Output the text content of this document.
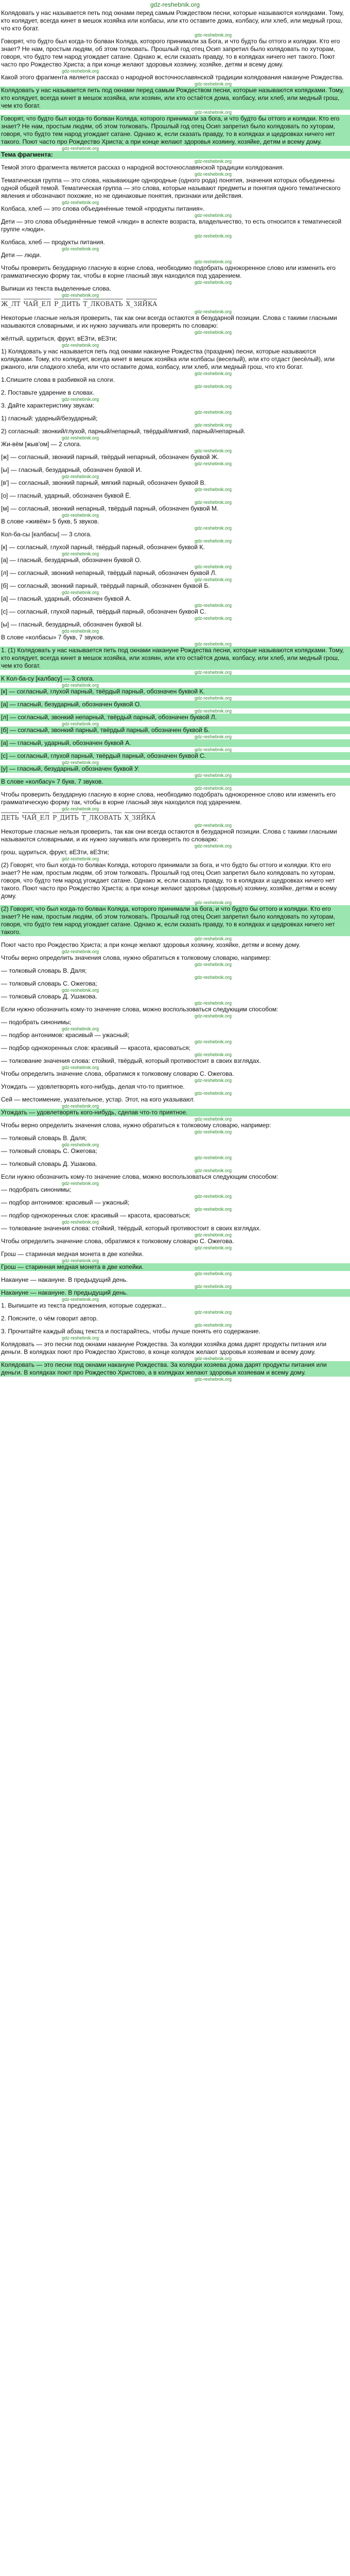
gdz-reshebnik.org

Колядовать у нас называется петь под окнами перед самым Рождеством песни, которые называются колядками. Тому, кто колядует, всегда кинет в мешок хозяйка или колбасы, или кто оставите дома, колбасу, или хлеб, или медный грош, что кто богат.

gdz-reshebnik.org

Говорят, что будто был когда-то болван Коляда, которого принимали за Бога, и что будто бы оттого и колядки. Кто его знает? Не нам, простым людям, об этом толковать. Прошлый год отец Осип запретил было колядовать по хуторам, говоря, что будто тем народ угождает сатане. Однако ж, если сказать правду, то в колядках ничего нет такого. Поют часто про Рождество Христа; а при конце желают здоровья хозяину, хозяйке, детям и всему дому.

gdz-reshebnik.org

Какой этого фрагмента является рассказ о народной восточнославянской традиции колядования накануне Рождества.

gdz-reshebnik.org

Колядовать у нас называется петь под окнами перед самым Рождеством песни, которые называются колядками. Тому, кто колядует, всегда кинет в мешок хозяйка, или хозяин, или кто остаётся дома, колбасу, или хлеб, или медный грош, чем кто богат.

gdz-reshebnik.org

Говорят, что будто был когда-то болван Коляда, которого принимали за бога, и что будто бы оттого и колядки. Кто его знает? Не нам, простым людям, об этом толковать. Прошлый год отец Осип запретил было колядовать по хуторам, говоря, что будто тем народ угождает сатане. Однако ж, если сказать правду, то в колядках и щедровках ничего нет такого. Поют часто про Рождество Христа; а при конце желают здоровья хозяину, хозяйке, детям и всему дому.

gdz-reshebnik.org

Тема фрагмента:

gdz-reshebnik.org

Темой этого фрагмента является рассказ о народной восточнославянской традиции колядования.

gdz-reshebnik.org

Тематическая группа — это слова, называющие однородные (одного рода) понятия, значения которых объединены одной общей темой. Тематическая группа — это слова, которые называют предметы и понятия одного тематического явления и обозначают похожие, но не одинаковые понятия, признаки или действия.

gdz-reshebnik.org

Колбаса, хлеб — это слова объединённые темой «продукты питания».

gdz-reshebnik.org

Дети — это слова объединённые темой «люди» в аспекте возраста, владельчество, то есть относится к тематической группе «люди».

gdz-reshebnik.org

Колбаса, хлеб — продукты питания.

gdz-reshebnik.org

Дети — люди.

gdz-reshebnik.org

Чтобы проверить безударную гласную в корне слова, необходимо подобрать однокоренное слово или изменить его грамматическую форму так, чтобы в корне гласный звук находился под ударением.

gdz-reshebnik.org

Выпиши из текста выделенные слова.

gdz-reshebnik.org
Ж_ЛТ ЧАЙ_ЕЛ Р_ДИТЬ Т_ЛКОВАТЬ Х_ЗЯЙКА
gdz-reshebnik.org

Некоторые гласные нельзя проверить, так как они всегда остаются в безударной позиции. Слова с такими гласными называются словарными, и их нужно заучивать или проверять по словарю:

gdz-reshebnik.org

жёлтый, щуриться, фрукт, вЕЗти, вЕЗти;

gdz-reshebnik.org

1) Колядовать у нас называется петь под окнами накануне Рождества (праздник) песни, которые называются колядками. Тому, кто колядует, всегда кинет в мешок хозяйка или колбасы (веселый), или кто отдаст (весёлый), или ржаного, или сладкого хлеба, или что оставите дома, колбасу, или хлеб, или медный грош, что кто богат.

gdz-reshebnik.org

1.Спишите слова в разбивкой на слоги.

gdz-reshebnik.org

2. Поставьте ударение в словах.

gdz-reshebnik.org

3. Дайте характеристику звукам:

gdz-reshebnik.org

1) гласный: ударный/безударный;

gdz-reshebnik.org

2) согласный: звонкий/глухой, парный/непарный, твёрдый/мягкий, парный/непарный.

gdz-reshebnik.org

Жи-вём [жыв'ом] — 2 слога.

gdz-reshebnik.org

[ж] — согласный, звонкий парный, твёрдый непарный, обозначен буквой Ж.

gdz-reshebnik.org

[ы] — гласный, безударный, обозначен буквой И.

gdz-reshebnik.org

[в'] — согласный, звонкий парный, мягкий парный, обозначен буквой В.

gdz-reshebnik.org

[о] — гласный, ударный, обозначен буквой Ё.

gdz-reshebnik.org

[м] — согласный, звонкий непарный, твёрдый парный, обозначен буквой М.

gdz-reshebnik.org

В слове «живём» 5 букв, 5 звуков.

gdz-reshebnik.org

Кол-ба-сы [калбасы] — 3 слога.

gdz-reshebnik.org

[к] — согласный, глухой парный, твёрдый парный, обозначен буквой К.

gdz-reshebnik.org

[а] — гласный, безударный, обозначен буквой О.

gdz-reshebnik.org

[л] — согласный, звонкий непарный, твёрдый парный, обозначен буквой Л.

gdz-reshebnik.org

[б] — согласный, звонкий парный, твёрдый парный, обозначен буквой Б.

gdz-reshebnik.org

[а] — гласный, ударный, обозначен буквой А.

gdz-reshebnik.org

[с] — согласный, глухой парный, твёрдый парный, обозначен буквой С.

gdz-reshebnik.org

[ы] — гласный, безударный, обозначен буквой Ы.

gdz-reshebnik.org

В слове «колбасы» 7 букв, 7 звуков.

gdz-reshebnik.org

1. (1) Колядовать у нас называется петь под окнами накануне Рождества песни, которые называются колядками. Тому, кто колядует, всегда кинет в мешок хозяйка, или хозяин, или кто остаётся дома, колбасу, или хлеб, или медный грош, чем кто богат.

gdz-reshebnik.org

К Кол-ба-су [калбасу] — 3 слога.

gdz-reshebnik.org

[к] — согласный, глухой парный, твёрдый парный, обозначен буквой К.

gdz-reshebnik.org

[а] — гласный, безударный, обозначен буквой О.

gdz-reshebnik.org

[л] — согласный, звонкий непарный, твёрдый парный, обозначен буквой Л.

gdz-reshebnik.org

[б] — согласный, звонкий парный, твёрдый парный, обозначен буквой Б.

gdz-reshebnik.org

[а] — гласный, ударный, обозначен буквой А.

gdz-reshebnik.org

[с] — согласный, глухой парный, твёрдый парный, обозначен буквой С.

gdz-reshebnik.org

[у] — гласный, безударный, обозначен буквой У.

gdz-reshebnik.org

В слове «колбасу» 7 букв, 7 звуков.

gdz-reshebnik.org

Чтобы проверить безударную гласную в корне слова, необходимо подобрать однокоренное слово или изменить его грамматическую форму так, чтобы в корне гласный звук находился под ударением.

gdz-reshebnik.org
ДЕТЬ ЧАЙ_ЕЛ Р_ДИТЬ Т_ЛКОВАТЬ Х_ЗЯЙКА
gdz-reshebnik.org

Некоторые гласные нельзя проверить, так как они всегда остаются в безударной позиции. Слова с такими гласными называются словарными, и их нужно заучивать или проверять по словарю:

gdz-reshebnik.org

грош, щуриться, фрукт, вЕЗти, вЕЗти;

gdz-reshebnik.org

(2) Говорят, что был когда-то болван Коляда, которого принимали за бога, и что будто бы оттого и колядки. Кто его знает? Не нам, простым людям, об этом толковать. Прошлый год отец Осип запретил было колядовать по хуторам, говоря, что будто тем народ угождает сатане. Однако ж, если сказать правду, то в колядках и щедровках ничего нет такого. Поют часто про Рождество Христа; а при конце желают здоровья (здоровья) хозяину, хозяйке, детям и всему дому.

gdz-reshebnik.org

(2) Говорят, что был когда-то болван Коляда, которого принимали за бога, и что будто бы оттого и колядки. Кто его знает? Не нам, простым людям, об этом толковать. Прошлый год отец Осип запретил было колядовать по хуторам, говоря, что будто тем народ угождает сатане. Однако ж, если сказать правду, то в колядках и щедровках ничего нет такого.

gdz-reshebnik.org

Поют часто про Рождество Христа; а при конце желают здоровья хозяину, хозяйке, детям и всему дому.

gdz-reshebnik.org

Чтобы верно определить значения слова, нужно обратиться к толковому словарю, например:

gdz-reshebnik.org

— толковый словарь В. Даля;

gdz-reshebnik.org

— толковый словарь С. Ожегова;

gdz-reshebnik.org

— толковый словарь Д. Ушакова.

gdz-reshebnik.org

Если нужно обозначить кому-то значение слова, можно воспользоваться следующим способом:

gdz-reshebnik.org

— подобрать синонимы;

gdz-reshebnik.org

— подбор антонимов: красивый — ужасный;

gdz-reshebnik.org

— подбор однокоренных слов: красивый — красота, красоваться;

gdz-reshebnik.org

— толкование значения слова: стойкий, твёрдый, который противостоит в своих взглядах.

gdz-reshebnik.org

Чтобы определить значение слова, обратимся к толковому словарю С. Ожегова.

gdz-reshebnik.org

Угождать — удовлетворять кого-нибудь, делая что-то приятное.

gdz-reshebnik.org

Сей — местоимение, указательное, устар. Этот, на кого указывают.

gdz-reshebnik.org

Угождать — удовлетворять кого-нибудь, сделав что-то приятное.

gdz-reshebnik.org

Чтобы верно определить значения слова, нужно обратиться к толковому словарю, например:

gdz-reshebnik.org

— толковый словарь В. Даля;

gdz-reshebnik.org

— толковый словарь С. Ожегова;

gdz-reshebnik.org

— толковый словарь Д. Ушакова.

gdz-reshebnik.org

Если нужно обозначить кому-то значение слова, можно воспользоваться следующим способом:

gdz-reshebnik.org

— подобрать синонимы;

gdz-reshebnik.org

— подбор антонимов: красивый — ужасный;

gdz-reshebnik.org

— подбор однокоренных слов: красивый — красота, красоваться;

gdz-reshebnik.org

— толкование значения слова: стойкий, твёрдый, который противостоит в своих взглядах.

gdz-reshebnik.org

Чтобы определить значение слова, обратимся к толковому словарю С. Ожегова.

gdz-reshebnik.org

Грош — старинная медная монета в две копейки.

gdz-reshebnik.org

Грош — старинная медная монета в две копейки.

gdz-reshebnik.org

Накануне — накануне. В предыдущий день.

gdz-reshebnik.org

Накануне — накануне. В предыдущий день.

gdz-reshebnik.org

1. Выпишите из текста предложения, которые содержат...

gdz-reshebnik.org

2. Поясните, о чём говорит автор.

gdz-reshebnik.org

3. Прочитайте каждый абзац текста и постарайтесь, чтобы лучше понять его содержание.

gdz-reshebnik.org

Колядовать — это песни под окнами накануне Рождества. За колядки хозяйка дома дарят продукты питания или деньги. В колядках поют про Рождество Христово, в конце колядок желают здоровья хозяевам и всему дому.

gdz-reshebnik.org

Колядовать — это песни под окнами накануне Рождества. За колядки хозяева дома дарят продукты питания или деньги. В колядках поют про Рождество Христово, а в колядках желают здоровья хозяевам и всему дому.

gdz-reshebnik.org
